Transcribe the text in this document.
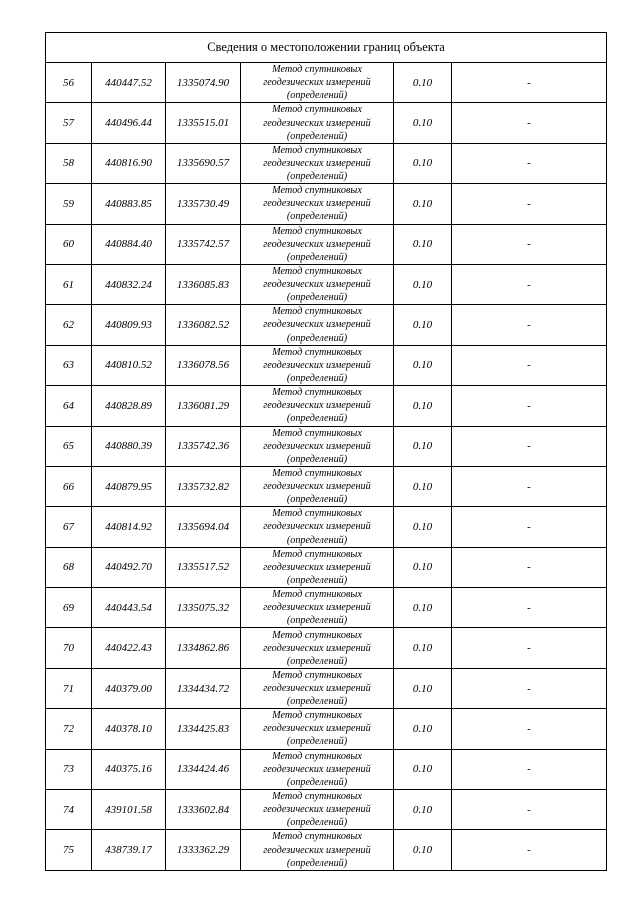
Сведения о местоположении границ объекта					
56	440447.52	1335074.90	Метод спутниковых геодезических измерений (определений)	0.10	-
57	440496.44	1335515.01	Метод спутниковых геодезических измерений (определений)	0.10	-
58	440816.90	1335690.57	Метод спутниковых геодезических измерений (определений)	0.10	-
59	440883.85	1335730.49	Метод спутниковых геодезических измерений (определений)	0.10	-
60	440884.40	1335742.57	Метод спутниковых геодезических измерений (определений)	0.10	-
61	440832.24	1336085.83	Метод спутниковых геодезических измерений (определений)	0.10	-
62	440809.93	1336082.52	Метод спутниковых геодезических измерений (определений)	0.10	-
63	440810.52	1336078.56	Метод спутниковых геодезических измерений (определений)	0.10	-
64	440828.89	1336081.29	Метод спутниковых геодезических измерений (определений)	0.10	-
65	440880.39	1335742.36	Метод спутниковых геодезических измерений (определений)	0.10	-
66	440879.95	1335732.82	Метод спутниковых геодезических измерений (определений)	0.10	-
67	440814.92	1335694.04	Метод спутниковых геодезических измерений (определений)	0.10	-
68	440492.70	1335517.52	Метод спутниковых геодезических измерений (определений)	0.10	-
69	440443.54	1335075.32	Метод спутниковых геодезических измерений (определений)	0.10	-
70	440422.43	1334862.86	Метод спутниковых геодезических измерений (определений)	0.10	-
71	440379.00	1334434.72	Метод спутниковых геодезических измерений (определений)	0.10	-
72	440378.10	1334425.83	Метод спутниковых геодезических измерений (определений)	0.10	-
73	440375.16	1334424.46	Метод спутниковых геодезических измерений (определений)	0.10	-
74	439101.58	1333602.84	Метод спутниковых геодезических измерений (определений)	0.10	-
75	438739.17	1333362.29	Метод спутниковых геодезических измерений (определений)	0.10	-
